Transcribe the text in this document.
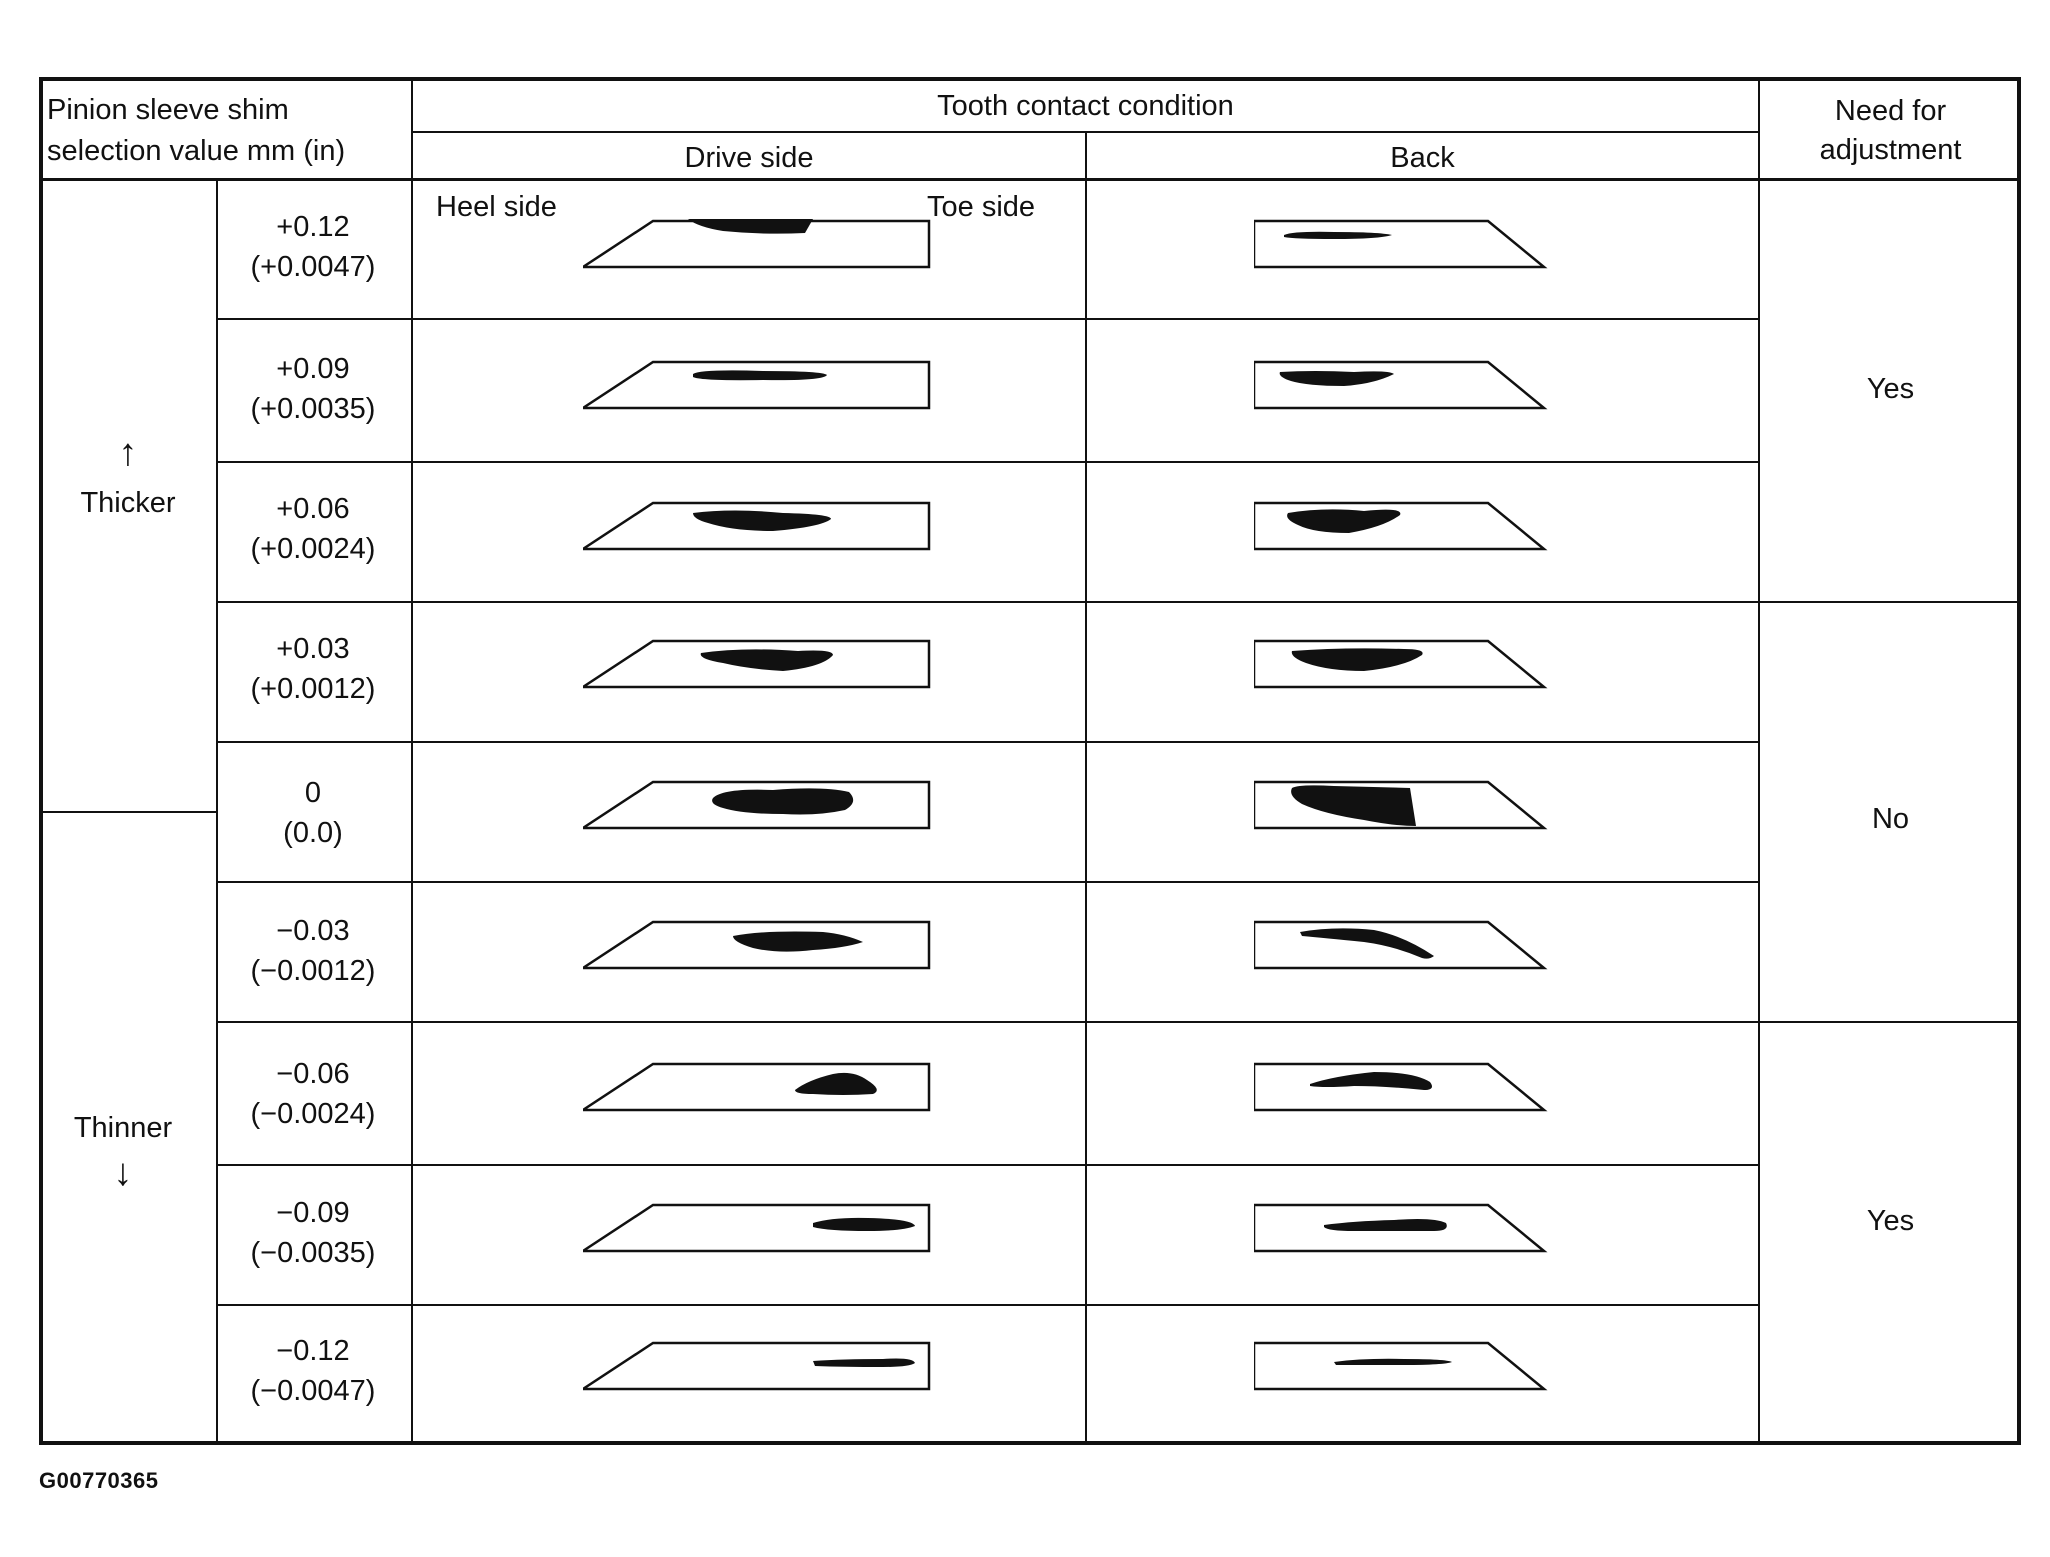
Pinion sleeve shim
selection value mm (in)
Tooth contact condition
Drive side	Back
Need for
adjustment
Heel side	Toe side
↑
Thicker
Thinner
↓
+0.12
(+0.0047)
+0.09
(+0.0035)
+0.06
(+0.0024)
+0.03
(+0.0012)
0
(0.0)
−0.03
(−0.0012)
−0.06
(−0.0024)
−0.09
(−0.0035)
−0.12
(−0.0047)
Yes
No
Yes
G00770365
